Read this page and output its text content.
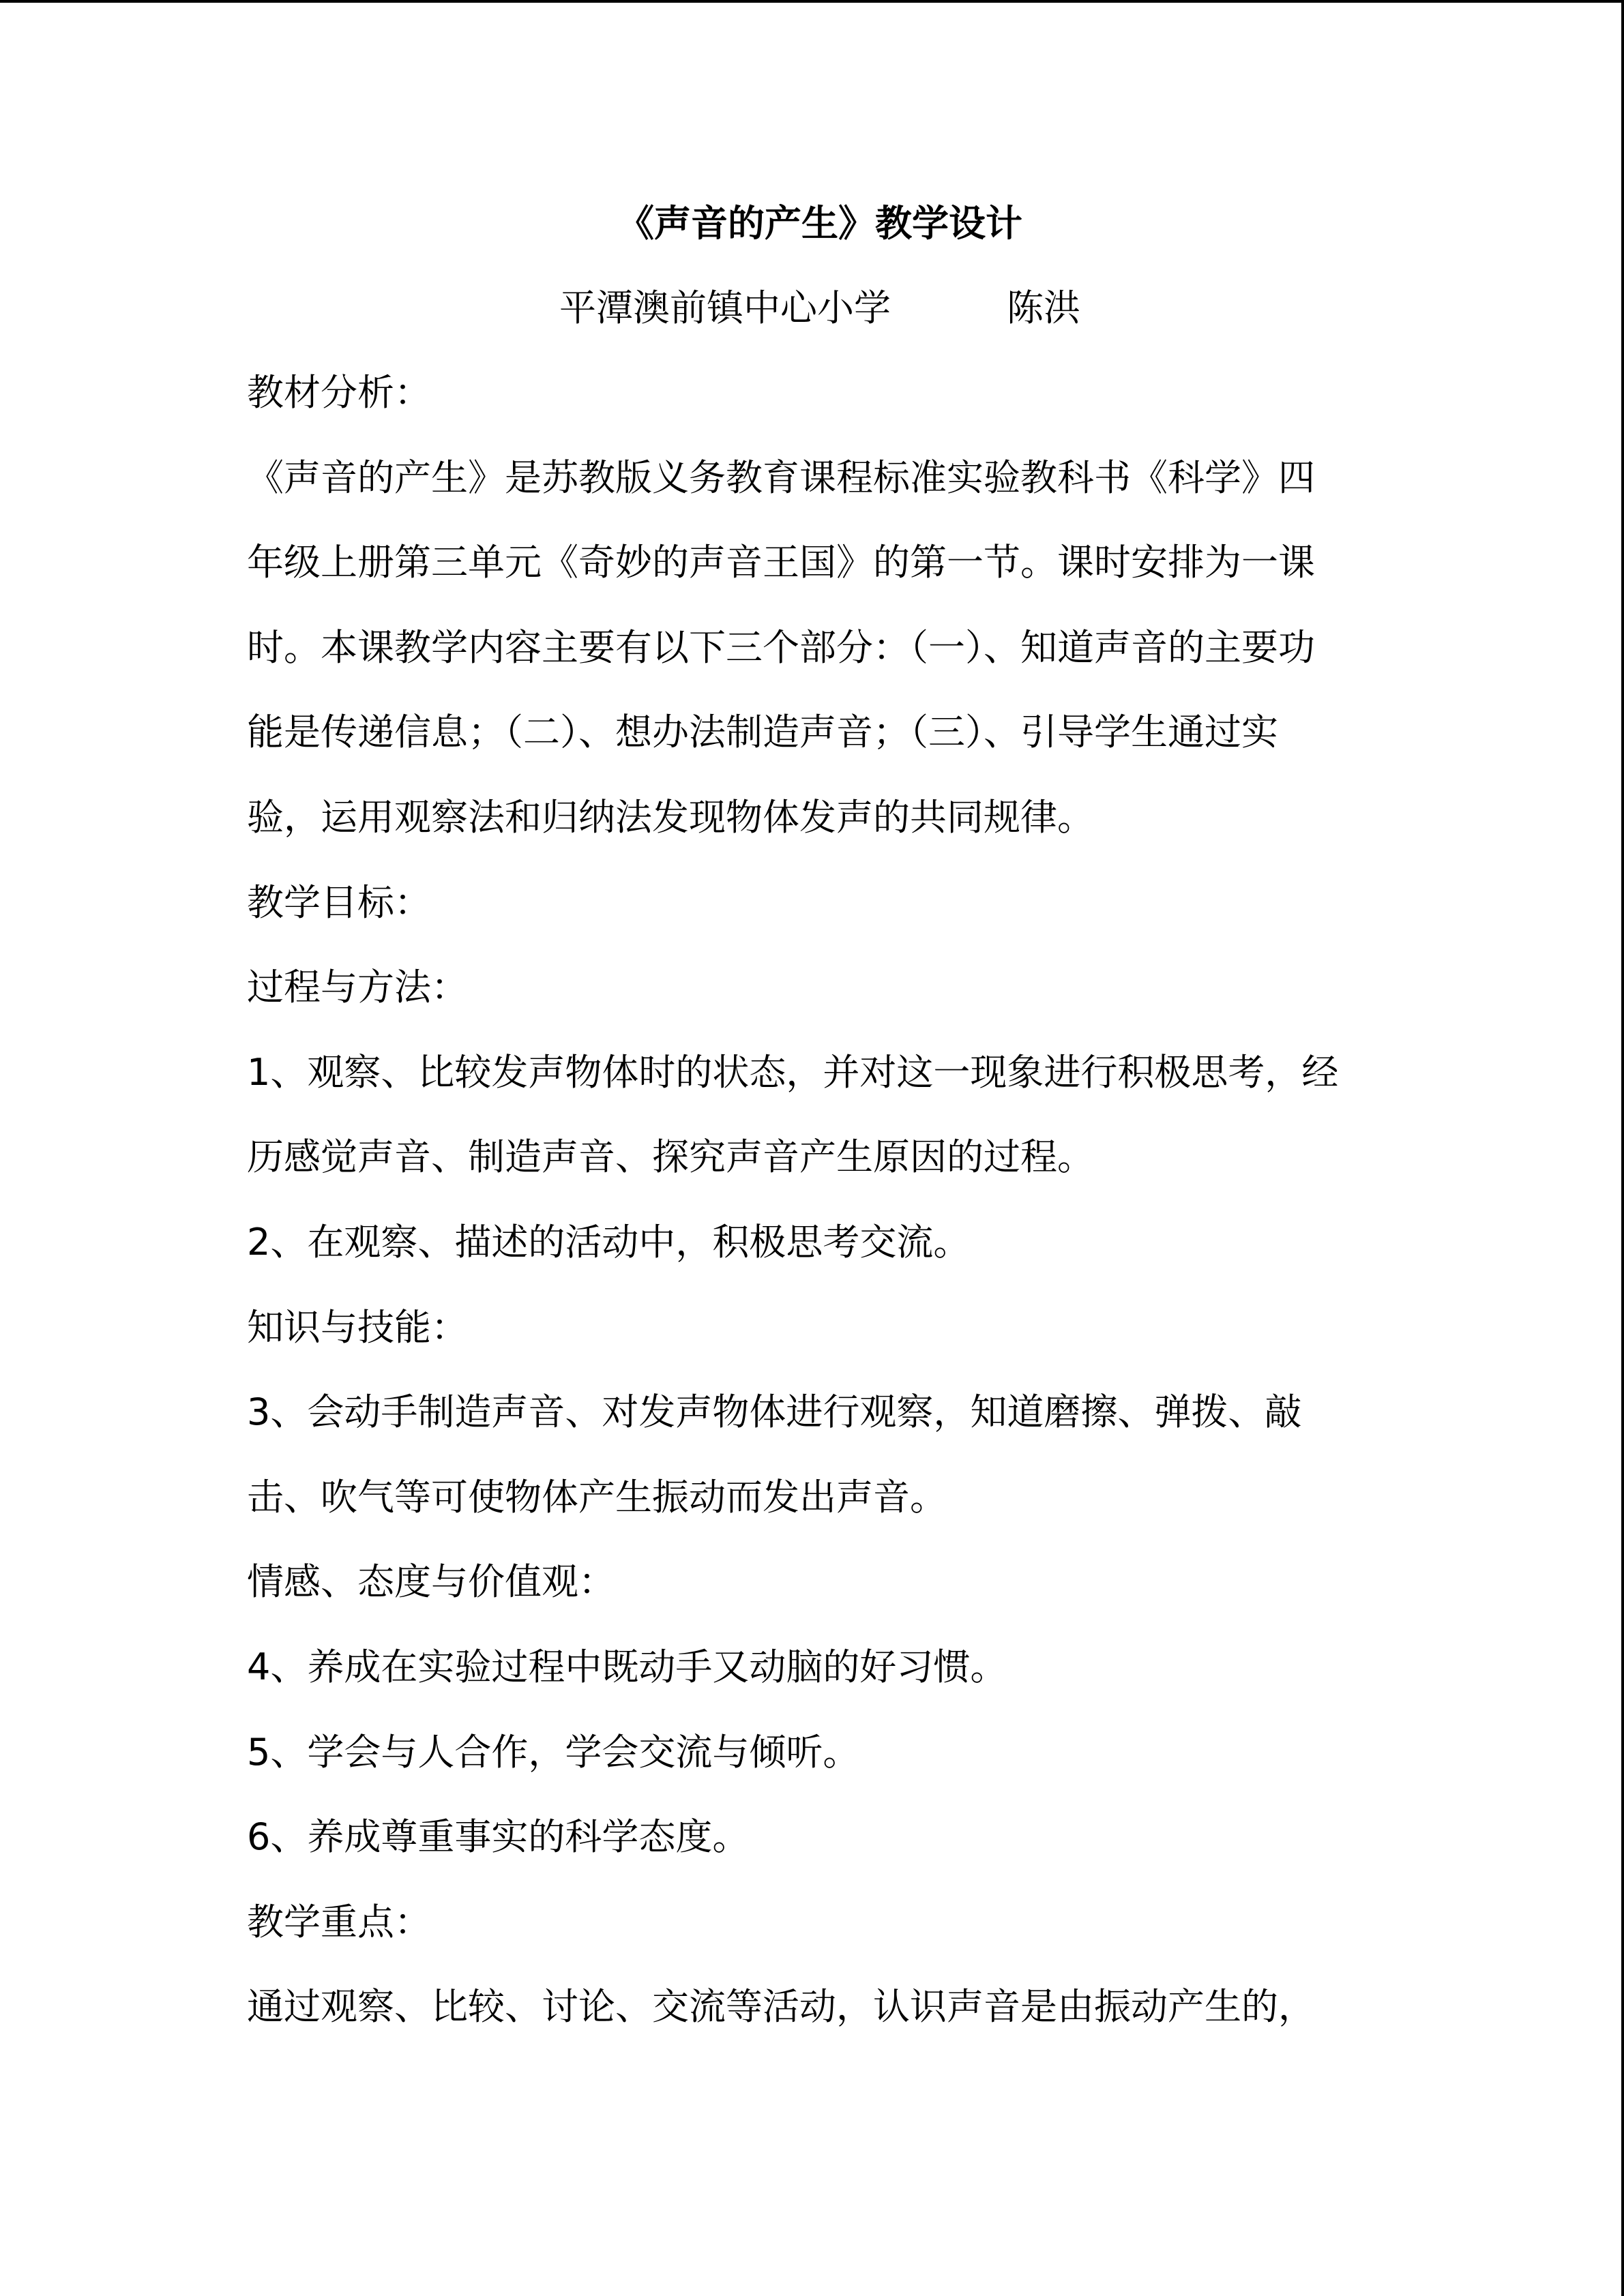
《声音的产生》教学设计
平潭澳前镇中心小学	陈洪
教材分析：
《声音的产生》是苏教版义务教育课程标准实验教科书《科学》四
年级上册第三单元《奇妙的声音王国》的第一节。课时安排为一课
时。本课教学内容主要有以下三个部分：（一）、知道声音的主要功
能是传递信息；（二）、想办法制造声音；（三）、引导学生通过实
验，运用观察法和归纳法发现物体发声的共同规律。
教学目标：
过程与方法：
1、观察、比较发声物体时的状态，并对这一现象进行积极思考，经
历感觉声音、制造声音、探究声音产生原因的过程。
2、在观察、描述的活动中，积极思考交流。
知识与技能：
3、会动手制造声音、对发声物体进行观察，知道磨擦、弹拨、敲
击、吹气等可使物体产生振动而发出声音。
情感、态度与价值观：
4、养成在实验过程中既动手又动脑的好习惯。
5、学会与人合作，学会交流与倾听。
6、养成尊重事实的科学态度。
教学重点：
通过观察、比较、讨论、交流等活动，认识声音是由振动产生的，
